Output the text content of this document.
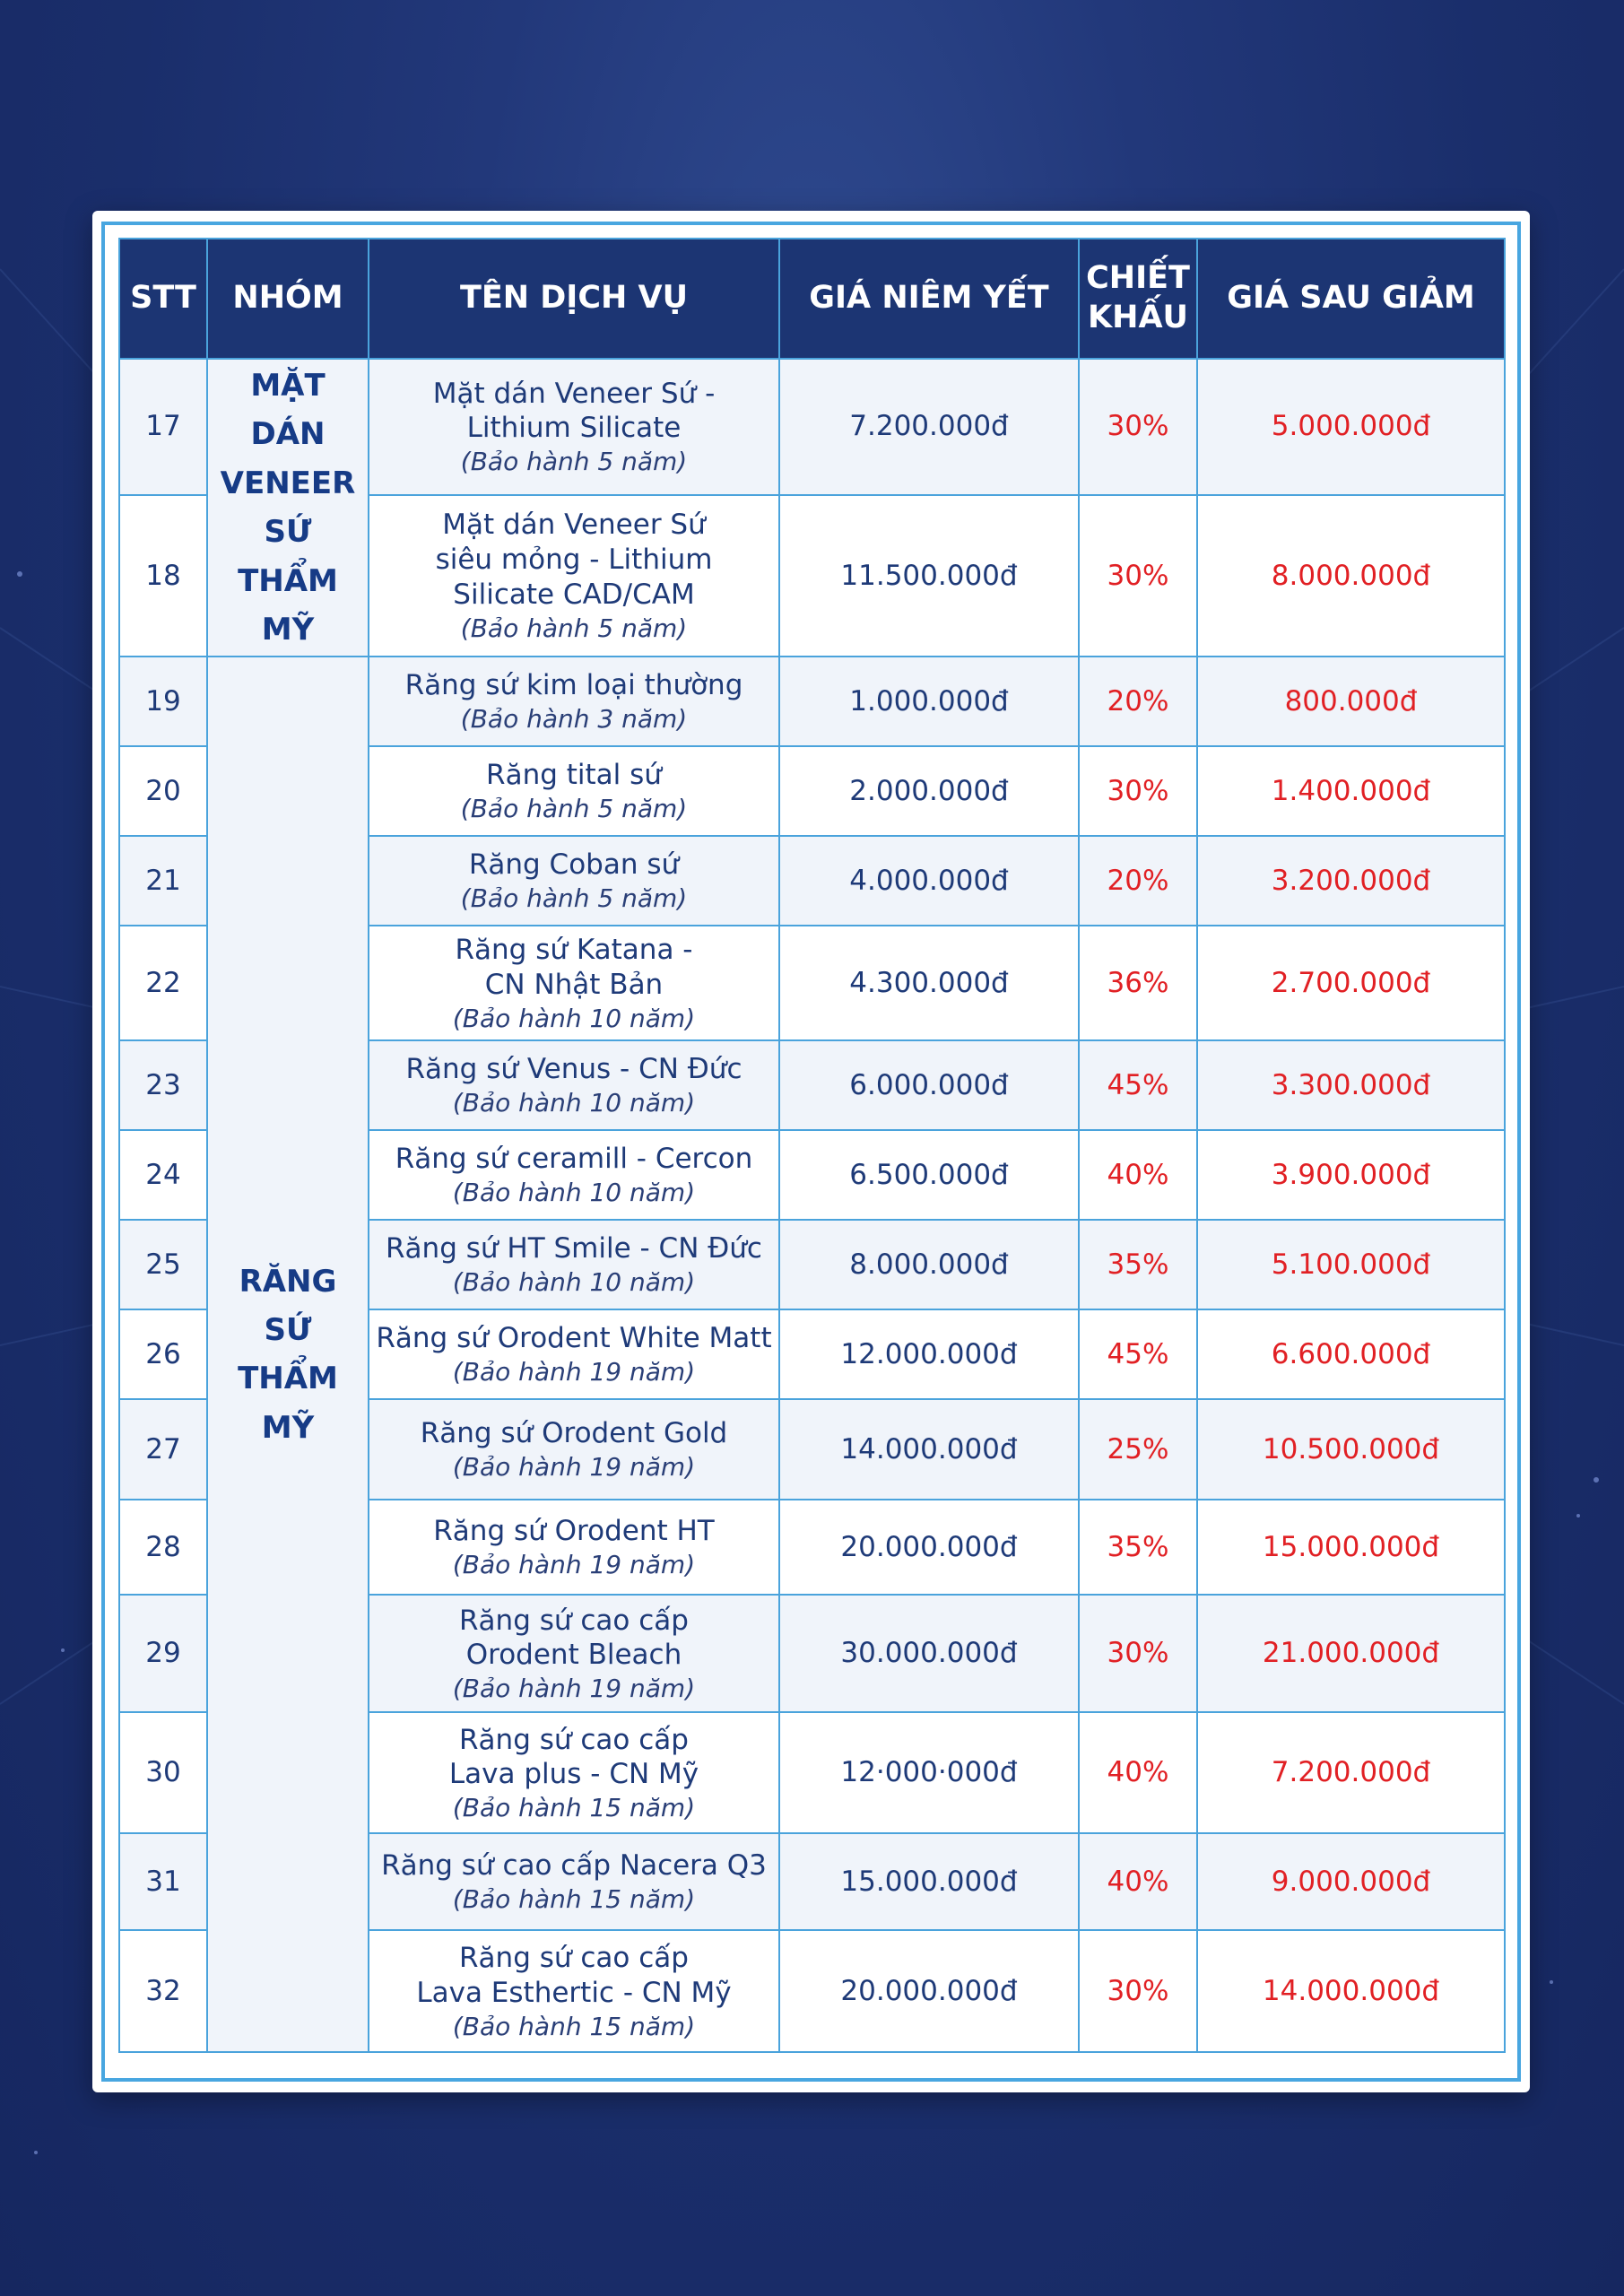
STT	NHÓM	TÊN DỊCH VỤ	GIÁ NIÊM YẾT	CHIẾT
KHẤU	GIÁ SAU GIẢM
17	MẶT DÁN
VENEER
SỨ THẨM
MỸ	Mặt dán Veneer Sứ -
Lithium Silicate
(Bảo hành 5 năm)	7.200.000đ	30%	5.000.000đ
18		Mặt dán Veneer Sứ
siêu mỏng - Lithium
Silicate CAD/CAM
(Bảo hành 5 năm)	11.500.000đ	30%	8.000.000đ
19	RĂNG
SỨ
THẨM
MỸ	Răng sứ kim loại thường
(Bảo hành 3 năm)	1.000.000đ	20%	800.000đ
20		Răng tital sứ
(Bảo hành 5 năm)	2.000.000đ	30%	1.400.000đ
21		Răng Coban sứ
(Bảo hành 5 năm)	4.000.000đ	20%	3.200.000đ
22		Răng sứ Katana -
CN Nhật Bản
(Bảo hành 10 năm)	4.300.000đ	36%	2.700.000đ
23		Răng sứ Venus - CN Đức
(Bảo hành 10 năm)	6.000.000đ	45%	3.300.000đ
24		Răng sứ ceramill - Cercon
(Bảo hành 10 năm)	6.500.000đ	40%	3.900.000đ
25		Răng sứ HT Smile - CN Đức
(Bảo hành 10 năm)	8.000.000đ	35%	5.100.000đ
26		Răng sứ Orodent White Matt
(Bảo hành 19 năm)	12.000.000đ	45%	6.600.000đ
27		Răng sứ Orodent Gold
(Bảo hành 19 năm)	14.000.000đ	25%	10.500.000đ
28		Răng sứ Orodent HT
(Bảo hành 19 năm)	20.000.000đ	35%	15.000.000đ
29		Răng sứ cao cấp
Orodent Bleach
(Bảo hành 19 năm)	30.000.000đ	30%	21.000.000đ
30		Răng sứ cao cấp
Lava plus - CN Mỹ
(Bảo hành 15 năm)	12·000·000đ	40%	7.200.000đ
31		Răng sứ cao cấp Nacera Q3
(Bảo hành 15 năm)	15.000.000đ	40%	9.000.000đ
32		Răng sứ cao cấp
Lava Esthertic - CN Mỹ
(Bảo hành 15 năm)	20.000.000đ	30%	14.000.000đ
